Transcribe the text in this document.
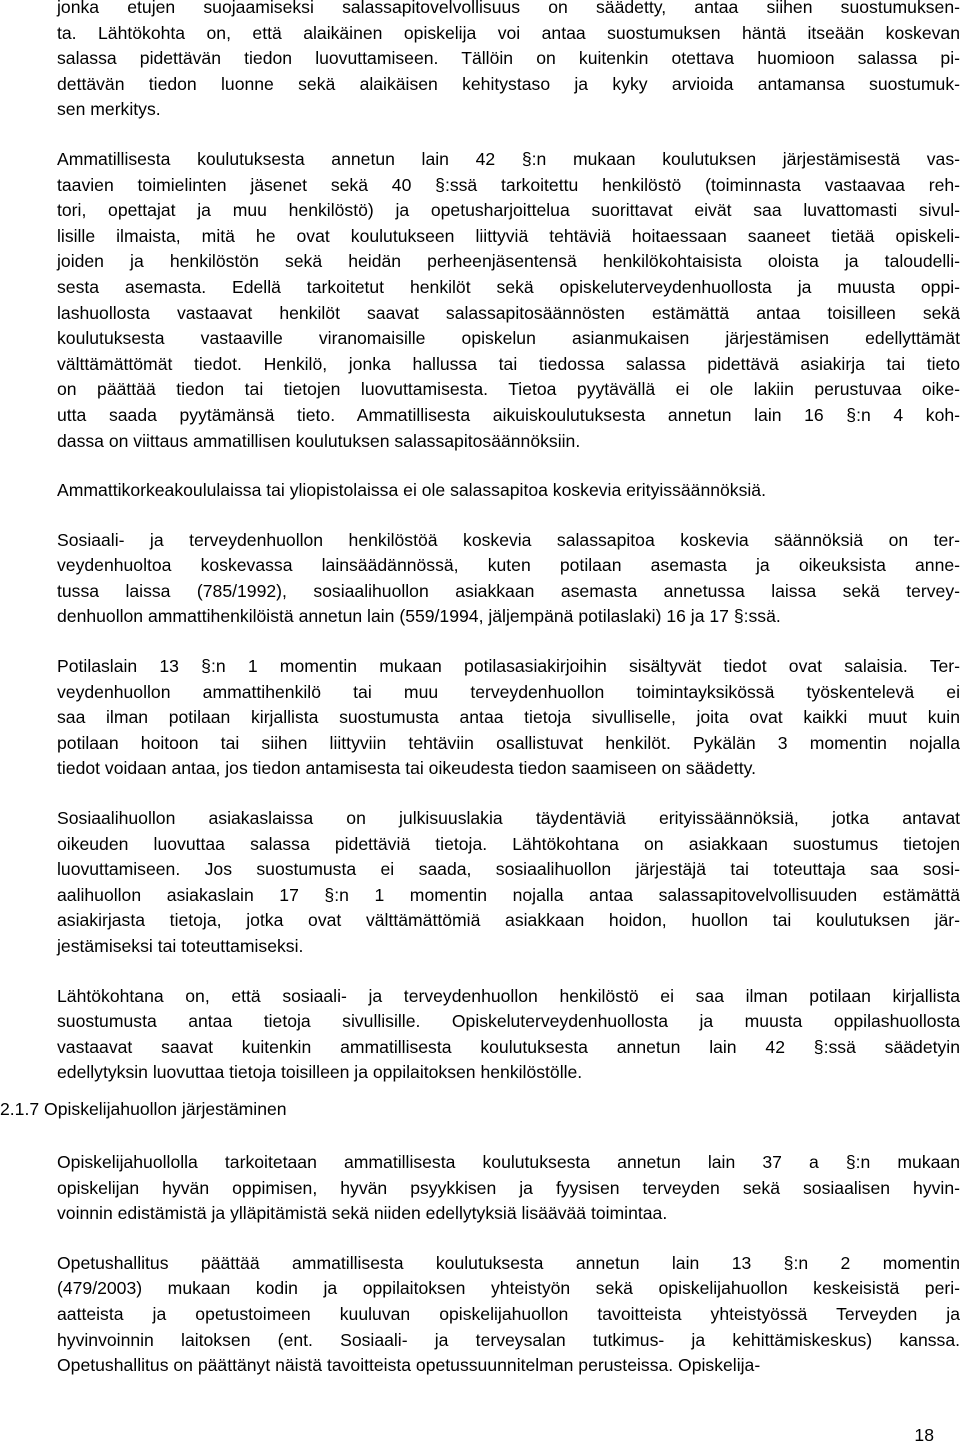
jonka etujen suojaamiseksi salassapitovelvollisuus on säädetty, antaa siihen suostumuksen-
ta. Lähtökohta on, että alaikäinen opiskelija voi antaa suostumuksen häntä itseään koskevan
salassa pidettävän tiedon luovuttamiseen. Tällöin on kuitenkin otettava huomioon salassa pi-
dettävän tiedon luonne sekä alaikäisen kehitystaso ja kyky arvioida antamansa suostumuk-
sen merkitys.
Ammatillisesta koulutuksesta annetun lain 42 §:n mukaan koulutuksen järjestämisestä vas-
taavien toimielinten jäsenet sekä 40 §:ssä tarkoitettu henkilöstö (toiminnasta vastaavaa reh-
tori, opettajat ja muu henkilöstö) ja opetusharjoittelua suorittavat eivät saa luvattomasti sivul-
lisille ilmaista, mitä he ovat koulutukseen liittyviä tehtäviä hoitaessaan saaneet tietää opiskeli-
joiden ja henkilöstön sekä heidän perheenjäsentensä henkilökohtaisista oloista ja taloudelli-
sesta asemasta. Edellä tarkoitetut henkilöt sekä opiskeluterveydenhuollosta ja muusta oppi-
lashuollosta vastaavat henkilöt saavat salassapitosäännösten estämättä antaa toisilleen sekä
koulutuksesta vastaaville viranomaisille opiskelun asianmukaisen järjestämisen edellyttämät
välttämättömät tiedot. Henkilö, jonka hallussa tai tiedossa salassa pidettävä asiakirja tai tieto
on päättää tiedon tai tietojen luovuttamisesta. Tietoa pyytävällä ei ole lakiin perustuvaa oike-
utta saada pyytämänsä tieto. Ammatillisesta aikuiskoulutuksesta annetun lain 16 §:n 4 koh-
dassa on viittaus ammatillisen koulutuksen salassapitosäännöksiin.
Ammattikorkeakoululaissa tai yliopistolaissa ei ole salassapitoa koskevia erityissäännöksiä.
Sosiaali- ja terveydenhuollon henkilöstöä koskevia salassapitoa koskevia säännöksiä on ter-
veydenhuoltoa koskevassa lainsäädännössä, kuten potilaan asemasta ja oikeuksista anne-
tussa laissa (785/1992), sosiaalihuollon asiakkaan asemasta annetussa laissa sekä tervey-
denhuollon ammattihenkilöistä annetun lain (559/1994, jäljempänä potilaslaki) 16 ja 17 §:ssä.
Potilaslain 13 §:n 1 momentin mukaan potilasasiakirjoihin sisältyvät tiedot ovat salaisia. Ter-
veydenhuollon ammattihenkilö tai muu terveydenhuollon toimintayksikössä työskentelevä ei
saa ilman potilaan kirjallista suostumusta antaa tietoja sivulliselle, joita ovat kaikki muut kuin
potilaan hoitoon tai siihen liittyviin tehtäviin osallistuvat henkilöt. Pykälän 3 momentin nojalla
tiedot voidaan antaa, jos tiedon antamisesta tai oikeudesta tiedon saamiseen on säädetty.
Sosiaalihuollon asiakaslaissa on julkisuuslakia täydentäviä erityissäännöksiä, jotka antavat
oikeuden luovuttaa salassa pidettäviä tietoja. Lähtökohtana on asiakkaan suostumus tietojen
luovuttamiseen. Jos suostumusta ei saada, sosiaalihuollon järjestäjä tai toteuttaja saa sosi-
aalihuollon asiakaslain 17 §:n 1 momentin nojalla antaa salassapitovelvollisuuden estämättä
asiakirjasta tietoja, jotka ovat välttämättömiä asiakkaan hoidon, huollon tai koulutuksen jär-
jestämiseksi tai toteuttamiseksi.
Lähtökohtana on, että sosiaali- ja terveydenhuollon henkilöstö ei saa ilman potilaan kirjallista
suostumusta antaa tietoja sivullisille. Opiskeluterveydenhuollosta ja muusta oppilashuollosta
vastaavat saavat kuitenkin ammatillisesta koulutuksesta annetun lain 42 §:ssä säädetyin
edellytyksin luovuttaa tietoja toisilleen ja oppilaitoksen henkilöstölle.
2.1.7 Opiskelijahuollon järjestäminen
Opiskelijahuollolla tarkoitetaan ammatillisesta koulutuksesta annetun lain 37 a §:n mukaan
opiskelijan hyvän oppimisen, hyvän psyykkisen ja fyysisen terveyden sekä sosiaalisen hyvin-
voinnin edistämistä ja ylläpitämistä sekä niiden edellytyksiä lisäävää toimintaa.
Opetushallitus päättää ammatillisesta koulutuksesta annetun lain 13 §:n 2 momentin
(479/2003) mukaan kodin ja oppilaitoksen yhteistyön sekä opiskelijahuollon keskeisistä peri-
aatteista ja opetustoimeen kuuluvan opiskelijahuollon tavoitteista yhteistyössä Terveyden ja
hyvinvoinnin laitoksen (ent. Sosiaali- ja terveysalan tutkimus- ja kehittämiskeskus) kanssa.
Opetushallitus on päättänyt näistä tavoitteista opetussuunnitelman perusteissa. Opiskelija-
18
